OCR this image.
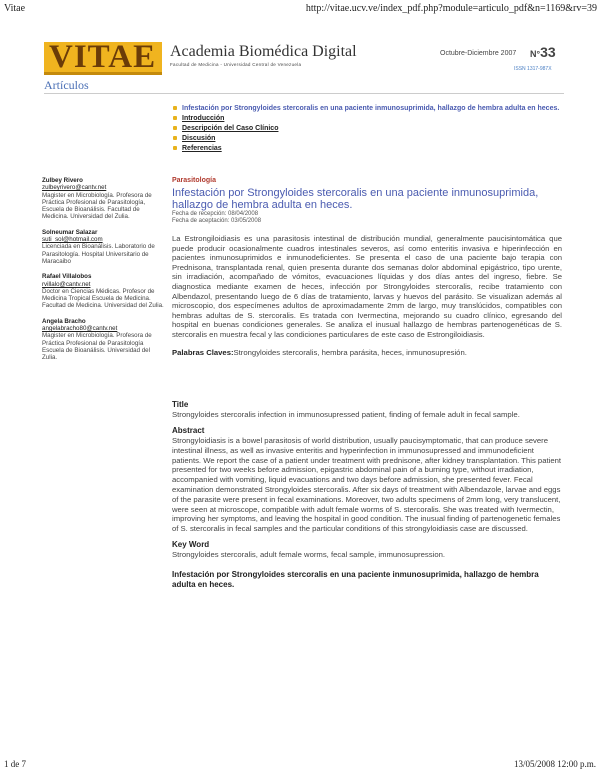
Vitae	http://vitae.ucv.ve/index_pdf.php?module=articulo_pdf&n=1169&rv=39
VITAE Academia Biomédica Digital
Facultad de Medicina - Universidad Central de Venezuela
Octubre-Diciembre 2007 N°33
ISSN 1317-987X
Artículos
Infestación por Strongyloides stercoralis en una paciente inmunosuprimida, hallazgo de hembra adulta en heces.
Introducción
Descripción del Caso Clínico
Discusión
Referencias
Zulbey Rivero
zulbeyrivero@cantv.net
Magister en Microbiología. Profesora de Práctica Profesional de Parasitología, Escuela de Bioanálisis. Facultad de Medicina. Universidad del Zulia.
Solneumar Salazar
suti_sol@hotmail.com
Licenciada en Bioanálisis. Laboratorio de Parasitología. Hospital Universitario de Maracaibo
Rafael Villalobos
rvillalo@cantv.net
Doctor en Ciencias Médicas. Profesor de Medicina Tropical Escuela de Medicina. Facultad de Medicina. Universidad del Zulia.
Angela Bracho
angelabracho80@cantv.net
Magister en Microbiología. Profesora de Práctica Profesional de Parasitología Escuela de Bioanálisis. Universidad del Zulia.
Parasitología
Infestación por Strongyloides stercoralis en una paciente inmunosuprimida, hallazgo de hembra adulta en heces.
Fecha de recepción: 08/04/2008
Fecha de aceptación: 03/05/2008
La Estrongiloidiasis es una parasitosis intestinal de distribución mundial, generalmente paucisintomática que puede producir ocasionalmente cuadros intestinales severos, así como enteritis invasiva e hiperinfección en pacientes inmunosuprimidos e inmunodeficientes. Se presenta el caso de una paciente bajo terapia con Prednisona, transplantada renal, quien presenta durante dos semanas dolor abdominal epigástrico, tipo urente, sin irradiación, acompañado de vómitos, evacuaciones líquidas y dos días antes del ingreso, fiebre. Se diagnostica mediante examen de heces, infección por Strongyloides stercoralis, recibe tratamiento con Albendazol, presentando luego de 6 días de tratamiento, larvas y huevos del parásito. Se visualizan además al microscopio, dos especímenes adultos de aproximadamente 2mm de largo, muy translúcidos, compatibles con hembras adultas de S. stercoralis. Es tratada con Ivermectina, mejorando su cuadro clínico, egresando del hospital en buenas condiciones generales. Se analiza el inusual hallazgo de hembras partenogenéticas de S. stercoralis en muestra fecal y las condiciones particulares de este caso de Estrongiloidiasis.
Palabras Claves:Strongyloides stercoralis, hembra parásita, heces, inmunosupresión.
Title
Strongyloides stercoralis infection in immunosupressed patient, finding of female adult in fecal sample.
Abstract
Strongyloidiasis is a bowel parasitosis of world distribution, usually paucisymptomatic, that can produce severe intestinal illness, as well as invasive enteritis and hyperinfection in immunosupressed and immunodeficient patients. We report the case of a patient under treatment with prednisone, after kidney transplantation. This patient presented for two weeks before admission, epigastric abdominal pain of a burning type, without irradiation, accompanied with vomiting, liquid evacuations and two days before admission, she presented fever. Fecal examination demonstrated Strongyloides stercoralis. After six days of treatment with Albendazole, larvae and eggs of the parasite were present in fecal examinations. Moreover, two adults specimens of 2mm long, very translucent, were seen at microscope, compatible with adult female worms of S. stercoralis. She was treated with Ivermectin, improving her symptoms, and leaving the hospital in good condition. The inusual finding of partenogenetic females of S. stercoralis in fecal samples and the particular conditions of this strongyloidiasis case are discussed.
Key Word
Strongyloides stercoralis, adult female worms, fecal sample, immunosupression.
Infestación por Strongyloides stercoralis en una paciente inmunosuprimida, hallazgo de hembra adulta en heces.
1 de 7	13/05/2008 12:00 p.m.
